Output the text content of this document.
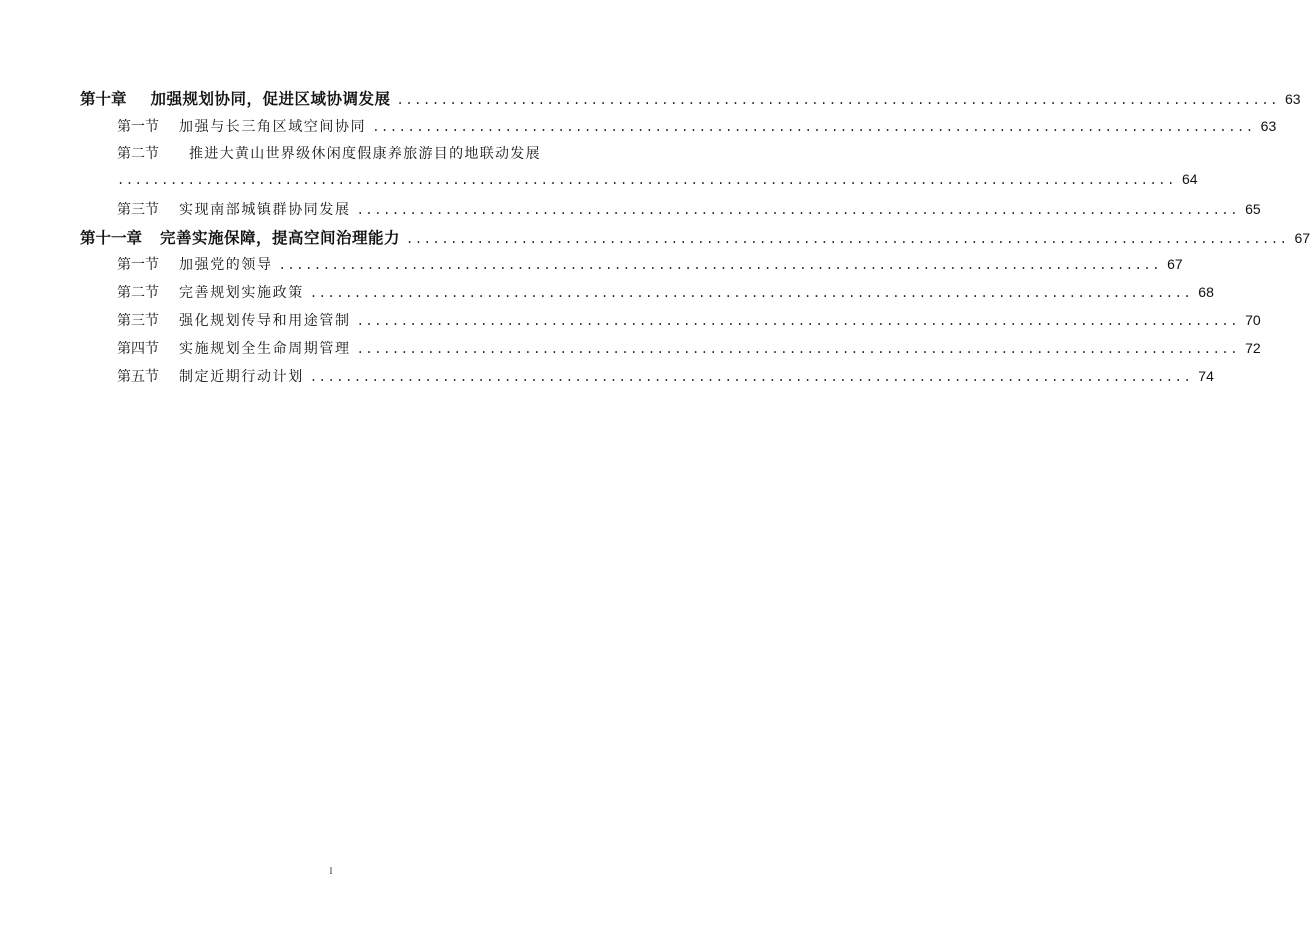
第十章 加强规划协同，促进区域协调发展 .................................................................................................... 63
第一节 加强与长三角区域空间协同 .................................................................................................... 63
第二节 推进大黄山世界级休闲度假康养旅游目的地联动发展
........................................................................................................................ 64
第三节 实现南部城镇群协同发展 .................................................................................................... 65
第十一章 完善实施保障，提高空间治理能力 .................................................................................................... 67
第一节 加强党的领导 .................................................................................................... 67
第二节 完善规划实施政策 .................................................................................................... 68
第三节 强化规划传导和用途管制 .................................................................................................... 70
第四节 实施规划全生命周期管理 .................................................................................................... 72
第五节 制定近期行动计划 .................................................................................................... 74
I
